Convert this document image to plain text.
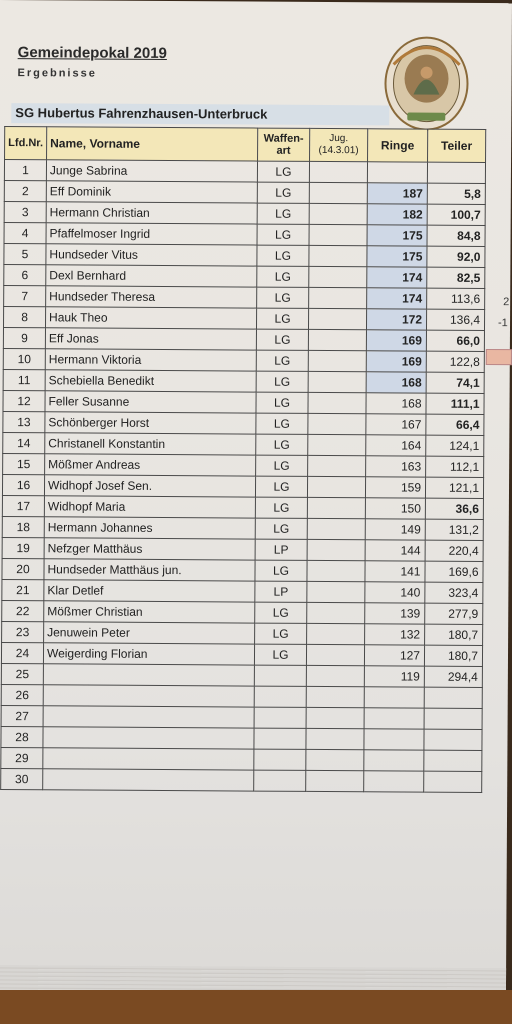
Gemeindepokal 2019
Ergebnisse
SG Hubertus Fahrenzhausen-Unterbruck
Lfd.Nr.	Name, Vorname	Waffen- art	Jug. (14.3.01)	Ringe	Teiler
1	Junge Sabrina	LG			
2	Eff Dominik	LG		187	5,8
3	Hermann Christian	LG		182	100,7
4	Pfaffelmoser Ingrid	LG		175	84,8
5	Hundseder Vitus	LG		175	92,0
6	Dexl Bernhard	LG		174	82,5
7	Hundseder Theresa	LG		174	113,6
8	Hauk Theo	LG		172	136,4
9	Eff Jonas	LG		169	66,0
10	Hermann Viktoria	LG		169	122,8
11	Schebiella Benedikt	LG		168	74,1
12	Feller Susanne	LG		168	111,1
13	Schönberger Horst	LG		167	66,4
14	Christanell Konstantin	LG		164	124,1
15	Mößmer Andreas	LG		163	112,1
16	Widhopf Josef Sen.	LG		159	121,1
17	Widhopf Maria	LG		150	36,6
18	Hermann Johannes	LG		149	131,2
19	Nefzger Matthäus	LP		144	220,4
20	Hundseder Matthäus jun.	LG		141	169,6
21	Klar Detlef	LP		140	323,4
22	Mößmer Christian	LG		139	277,9
23	Jenuwein Peter	LG		132	180,7
24	Weigerding Florian	LG		127	180,7
25				119	294,4
26					
27					
28					
29					
30					
2
-1
